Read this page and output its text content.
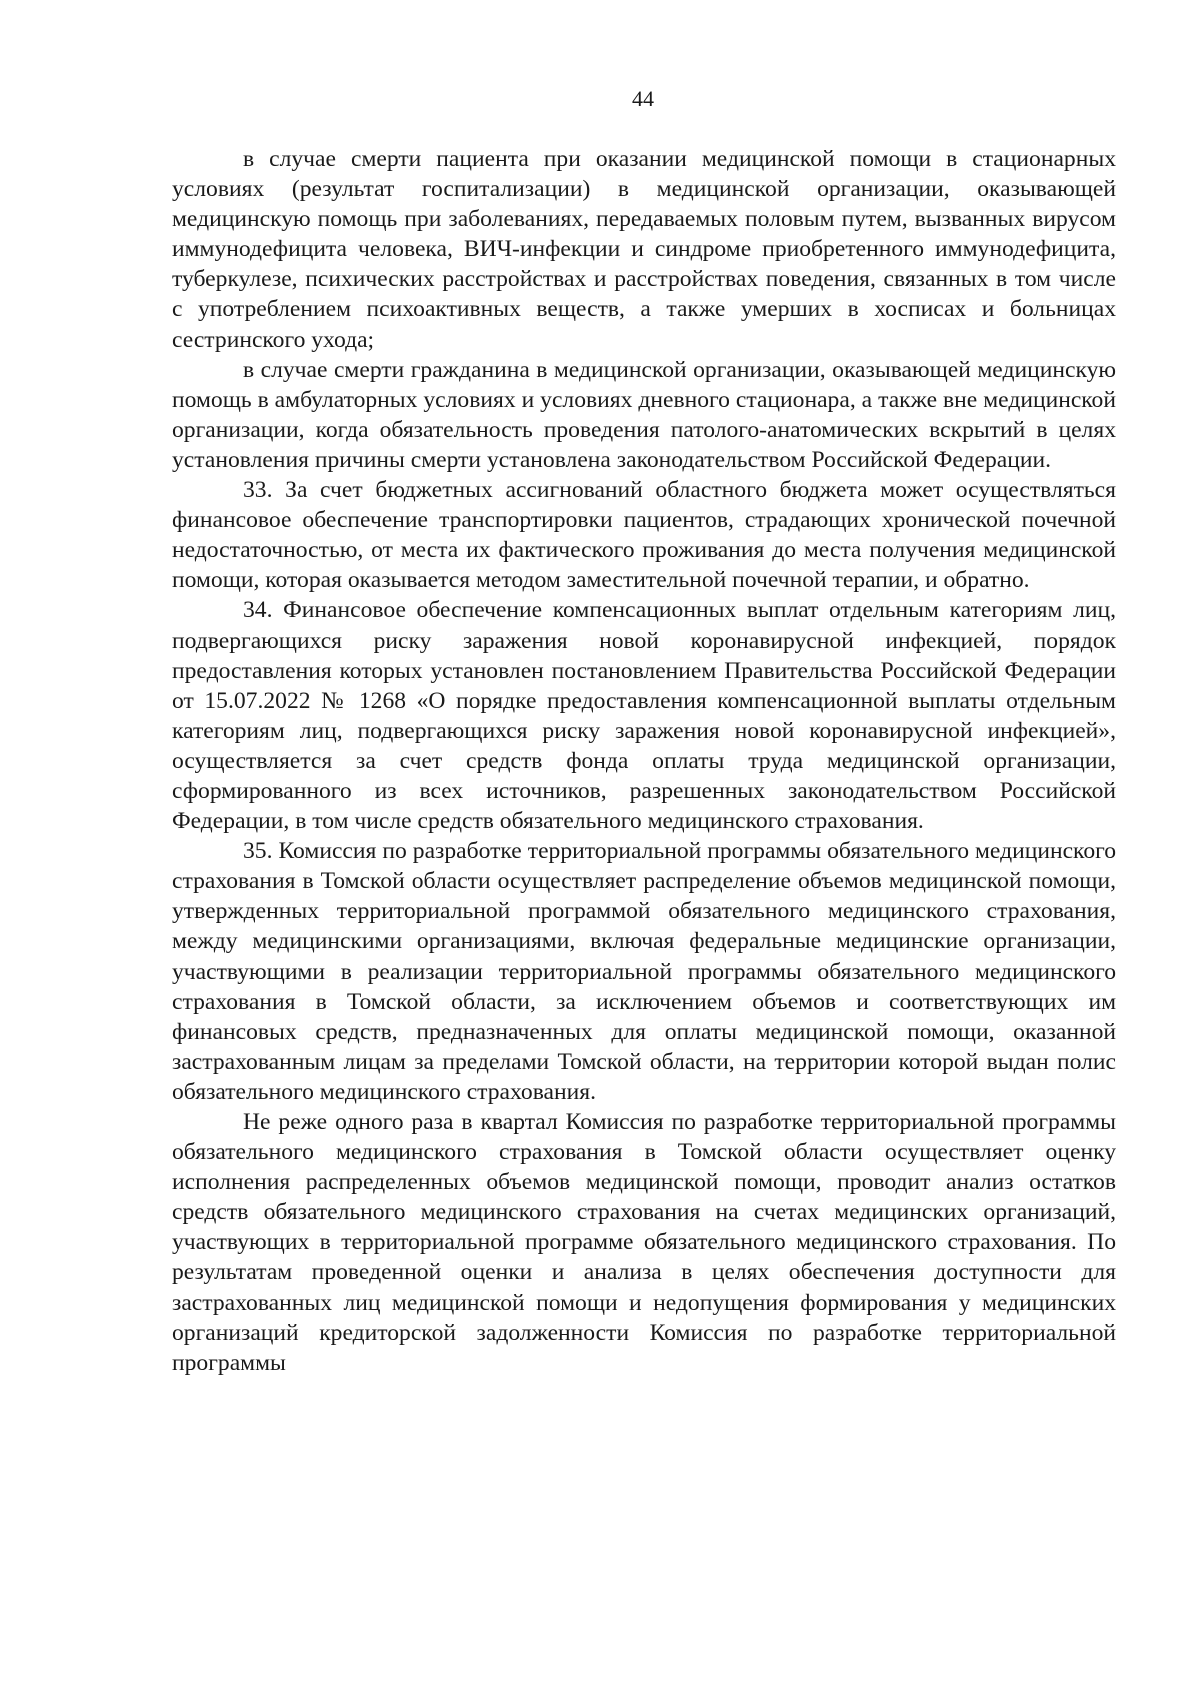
44

в случае смерти пациента при оказании медицинской помощи в стационарных условиях (результат госпитализации) в медицинской организации, оказывающей медицинскую помощь при заболеваниях, передаваемых половым путем, вызванных вирусом иммунодефицита человека, ВИЧ-инфекции и синдроме приобретенного иммунодефицита, туберкулезе, психических расстройствах и расстройствах поведения, связанных в том числе с употреблением психоактивных веществ, а также умерших в хосписах и больницах сестринского ухода;

в случае смерти гражданина в медицинской организации, оказывающей медицинскую помощь в амбулаторных условиях и условиях дневного стационара, а также вне медицинской организации, когда обязательность проведения патолого-анатомических вскрытий в целях установления причины смерти установлена законодательством Российской Федерации.

33. За счет бюджетных ассигнований областного бюджета может осуществляться финансовое обеспечение транспортировки пациентов, страдающих хронической почечной недостаточностью, от места их фактического проживания до места получения медицинской помощи, которая оказывается методом заместительной почечной терапии, и обратно.

34. Финансовое обеспечение компенсационных выплат отдельным категориям лиц, подвергающихся риску заражения новой коронавирусной инфекцией, порядок предоставления которых установлен постановлением Правительства Российской Федерации от 15.07.2022 № 1268 «О порядке предоставления компенсационной выплаты отдельным категориям лиц, подвергающихся риску заражения новой коронавирусной инфекцией», осуществляется за счет средств фонда оплаты труда медицинской организации, сформированного из всех источников, разрешенных законодательством Российской Федерации, в том числе средств обязательного медицинского страхования.

35. Комиссия по разработке территориальной программы обязательного медицинского страхования в Томской области осуществляет распределение объемов медицинской помощи, утвержденных территориальной программой обязательного медицинского страхования, между медицинскими организациями, включая федеральные медицинские организации, участвующими в реализации территориальной программы обязательного медицинского страхования в Томской области, за исключением объемов и соответствующих им финансовых средств, предназначенных для оплаты медицинской помощи, оказанной застрахованным лицам за пределами Томской области, на территории которой выдан полис обязательного медицинского страхования.

Не реже одного раза в квартал Комиссия по разработке территориальной программы обязательного медицинского страхования в Томской области осуществляет оценку исполнения распределенных объемов медицинской помощи, проводит анализ остатков средств обязательного медицинского страхования на счетах медицинских организаций, участвующих в территориальной программе обязательного медицинского страхования. По результатам проведенной оценки и анализа в целях обеспечения доступности для застрахованных лиц медицинской помощи и недопущения формирования у медицинских организаций кредиторской задолженности Комиссия по разработке территориальной программы
